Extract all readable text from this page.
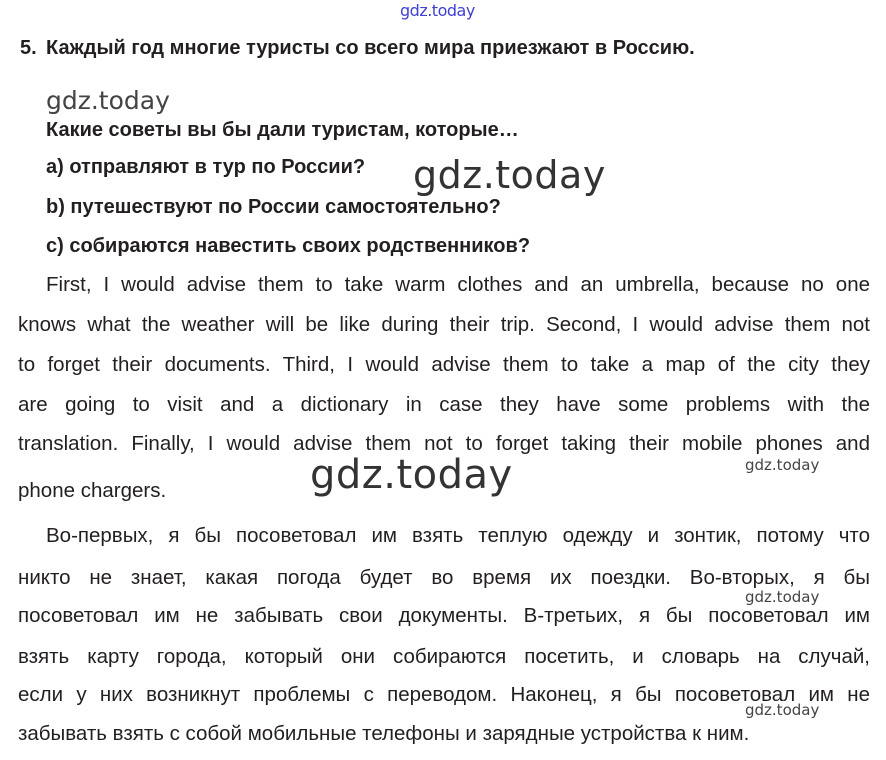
gdz.today
5. Каждый год многие туристы со всего мира приезжают в Россию.
gdz.today
Какие советы вы бы дали туристам, которые…
a) отправляют в тур по России?
b) путешествуют по России самостоятельно?
c) собираются навестить своих родственников?
gdz.today
First, I would advise them to take warm clothes and an umbrella, because no one
knows what the weather will be like during their trip. Second, I would advise them not
to forget their documents. Third, I would advise them to take a map of the city they
are going to visit and a dictionary in case they have some problems with the
translation. Finally, I would advise them not to forget taking their mobile phones and
phone chargers.	gdz.today	gdz.today
Во-первых, я бы посоветовал им взять теплую одежду и зонтик, потому что
никто не знает, какая погода будет во время их поездки. Во-вторых, я бы
посоветовал им не забывать свои документы. В-третьих, я бы посоветовал им
взять карту города, который они собираются посетить, и словарь на случай,
если у них возникнут проблемы с переводом. Наконец, я бы посоветовал им не
забывать взять с собой мобильные телефоны и зарядные устройства к ним.
gdz.today
gdz.today
